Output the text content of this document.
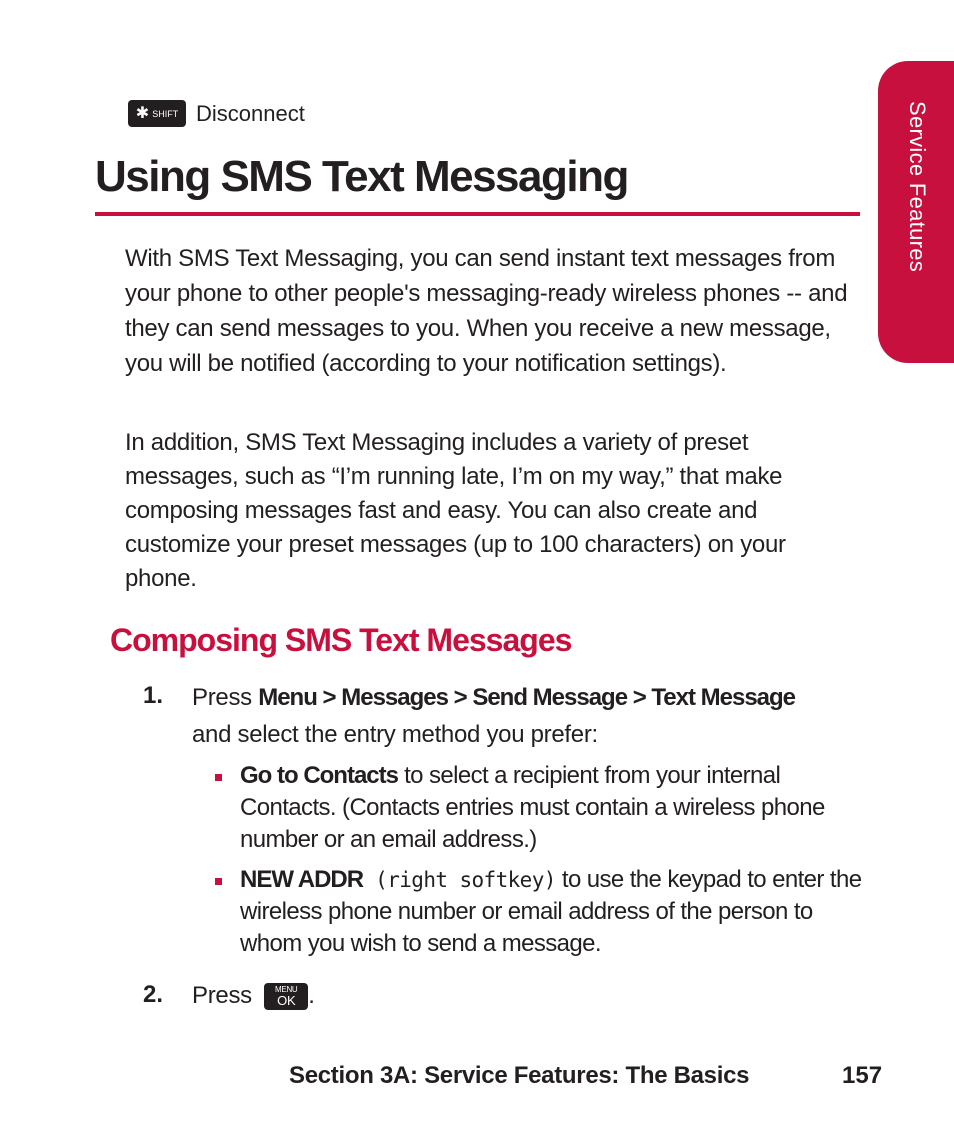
Service Features
✱ SHIFT Disconnect
Using SMS Text Messaging

With SMS Text Messaging, you can send instant text messages from your phone to other people's messaging-ready wireless phones -- and they can send messages to you. When you receive a new message, you will be notified (according to your notification settings).

In addition, SMS Text Messaging includes a variety of preset messages, such as “I’m running late, I’m on my way,” that make composing messages fast and easy. You can also create and customize your preset messages (up to 100 characters) on your phone.

Composing SMS Text Messages
1. Press Menu > Messages > Send Message > Text Message
and select the entry method you prefer:
Go to Contacts to select a recipient from your internal Contacts. (Contacts entries must contain a wireless phone number or an email address.)
NEW ADDR (right softkey) to use the keypad to enter the wireless phone number or email address of the person to whom you wish to send a message.
2. Press	MENU
OK .
Section 3A: Service Features: The Basics	157
